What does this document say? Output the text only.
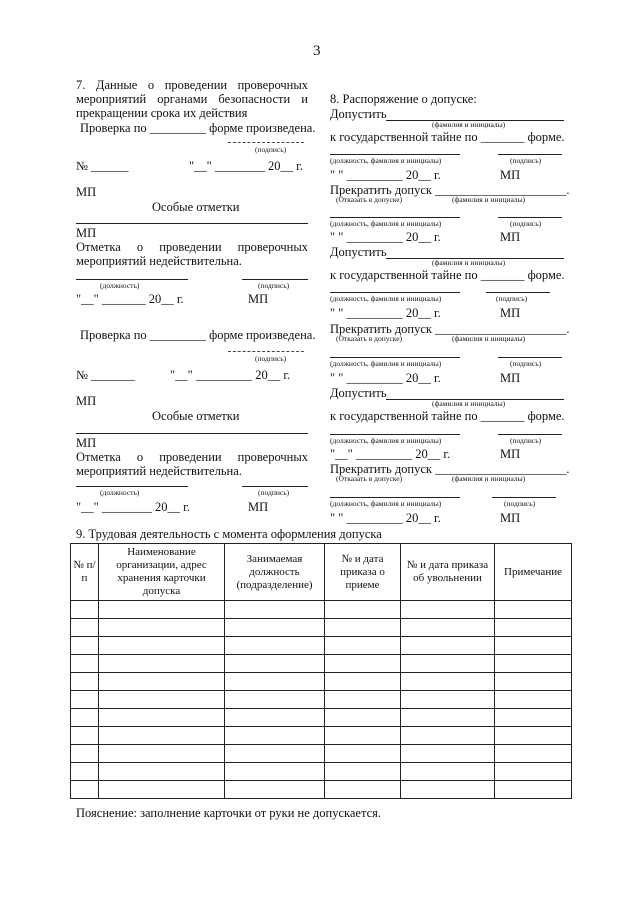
3
7. Данные о проведении проверочных
мероприятий органами безопасности и
прекращении срока их действия
Проверка по _________ форме произведена.
(подпись)
№ ______	"__" ________ 20__ г.
МП
Особые отметки
МП
Отметка о проведении проверочных
мероприятий недействительна.
(должность)	(подпись)
"__" _______ 20__ г.	МП
Проверка по _________ форме произведена.
(подпись)
№ _______	"__" _________ 20__ г.
МП
Особые отметки
МП
Отметка о проведении проверочных
мероприятий недействительна.
(должность)	(подпись)
"__" ________ 20__ г.	МП
8. Распоряжение о допуске:
Допустить
(фамилия и инициалы)
к государственной тайне по _______ форме.
(должность, фамилия и инициалы)	(подпись)
" " _________ 20__ г.	МП
Прекратить допуск _____________________.
(Отказать в допуске)	(фамилия и инициалы)
(должность, фамилия и инициалы)	(подпись)
" " _________ 20__ г.	МП
Допустить
(фамилия и инициалы)
к государственной тайне по _______ форме.
(должность, фамилия и инициалы)	(подпись)
" " _________ 20__ г.	МП
Прекратить допуск _____________________.
(Отказать в допуске)	(фамилия и инициалы)
(должность, фамилия и инициалы)	(подпись)
" " _________ 20__ г.	МП
Допустить
(фамилия и инициалы)
к государственной тайне по _______ форме.
(должность, фамилия и инициалы)	(подпись)
"__" _________ 20__ г.	МП
Прекратить допуск _____________________.
(Отказать в допуске)	(фамилия и инициалы)
(должность, фамилия и инициалы)	(подпись)
" " _________ 20__ г.	МП
9. Трудовая деятельность с момента оформления допуска
№ п/п	Наименование организации, адрес хранения карточки допуска	Занимаемая должность (подразделение)	№ и дата приказа о приеме	№ и дата приказа об увольнении	Примечание

Пояснение: заполнение карточки от руки не допускается.
